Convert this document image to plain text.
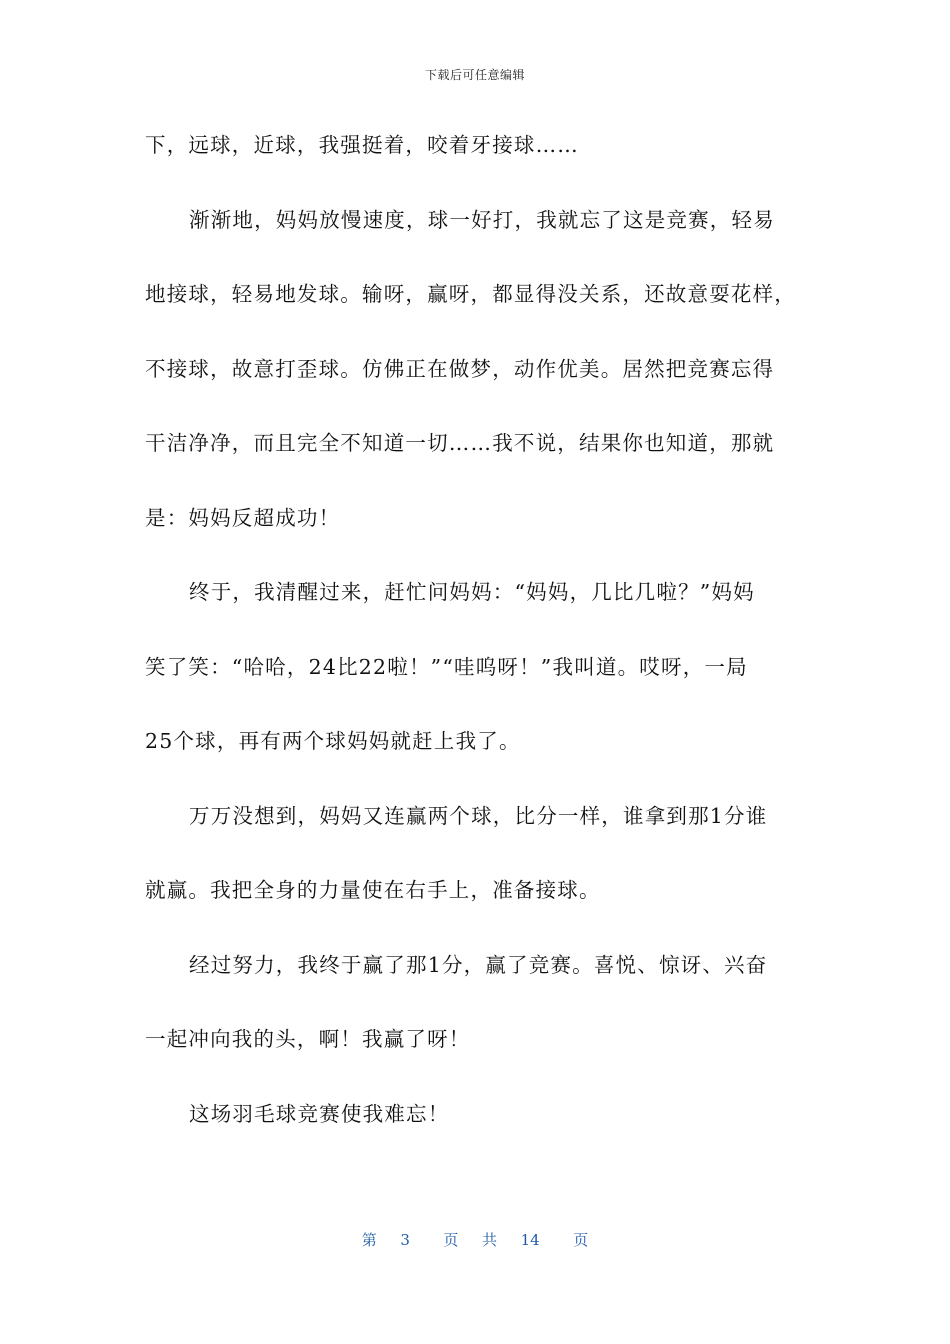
下载后可任意编辑
下，远球，近球，我强挺着，咬着牙接球……
渐渐地，妈妈放慢速度，球一好打，我就忘了这是竞赛，轻易
地接球，轻易地发球。输呀，赢呀，都显得没关系，还故意耍花样，
不接球，故意打歪球。仿佛正在做梦，动作优美。居然把竞赛忘得
干洁净净，而且完全不知道一切……我不说，结果你也知道，那就
是：妈妈反超成功！
终于，我清醒过来，赶忙问妈妈：“妈妈，几比几啦？”妈妈
笑了笑：“哈哈，24比22啦！”“哇呜呀！”我叫道。哎呀，一局
25个球，再有两个球妈妈就赶上我了。
万万没想到，妈妈又连赢两个球，比分一样，谁拿到那1分谁
就赢。我把全身的力量使在右手上，准备接球。
经过努力，我终于赢了那1分，赢了竞赛。喜悦、惊讶、兴奋
一起冲向我的头，啊！我赢了呀！
这场羽毛球竞赛使我难忘！
第 3 页 共 14 页
